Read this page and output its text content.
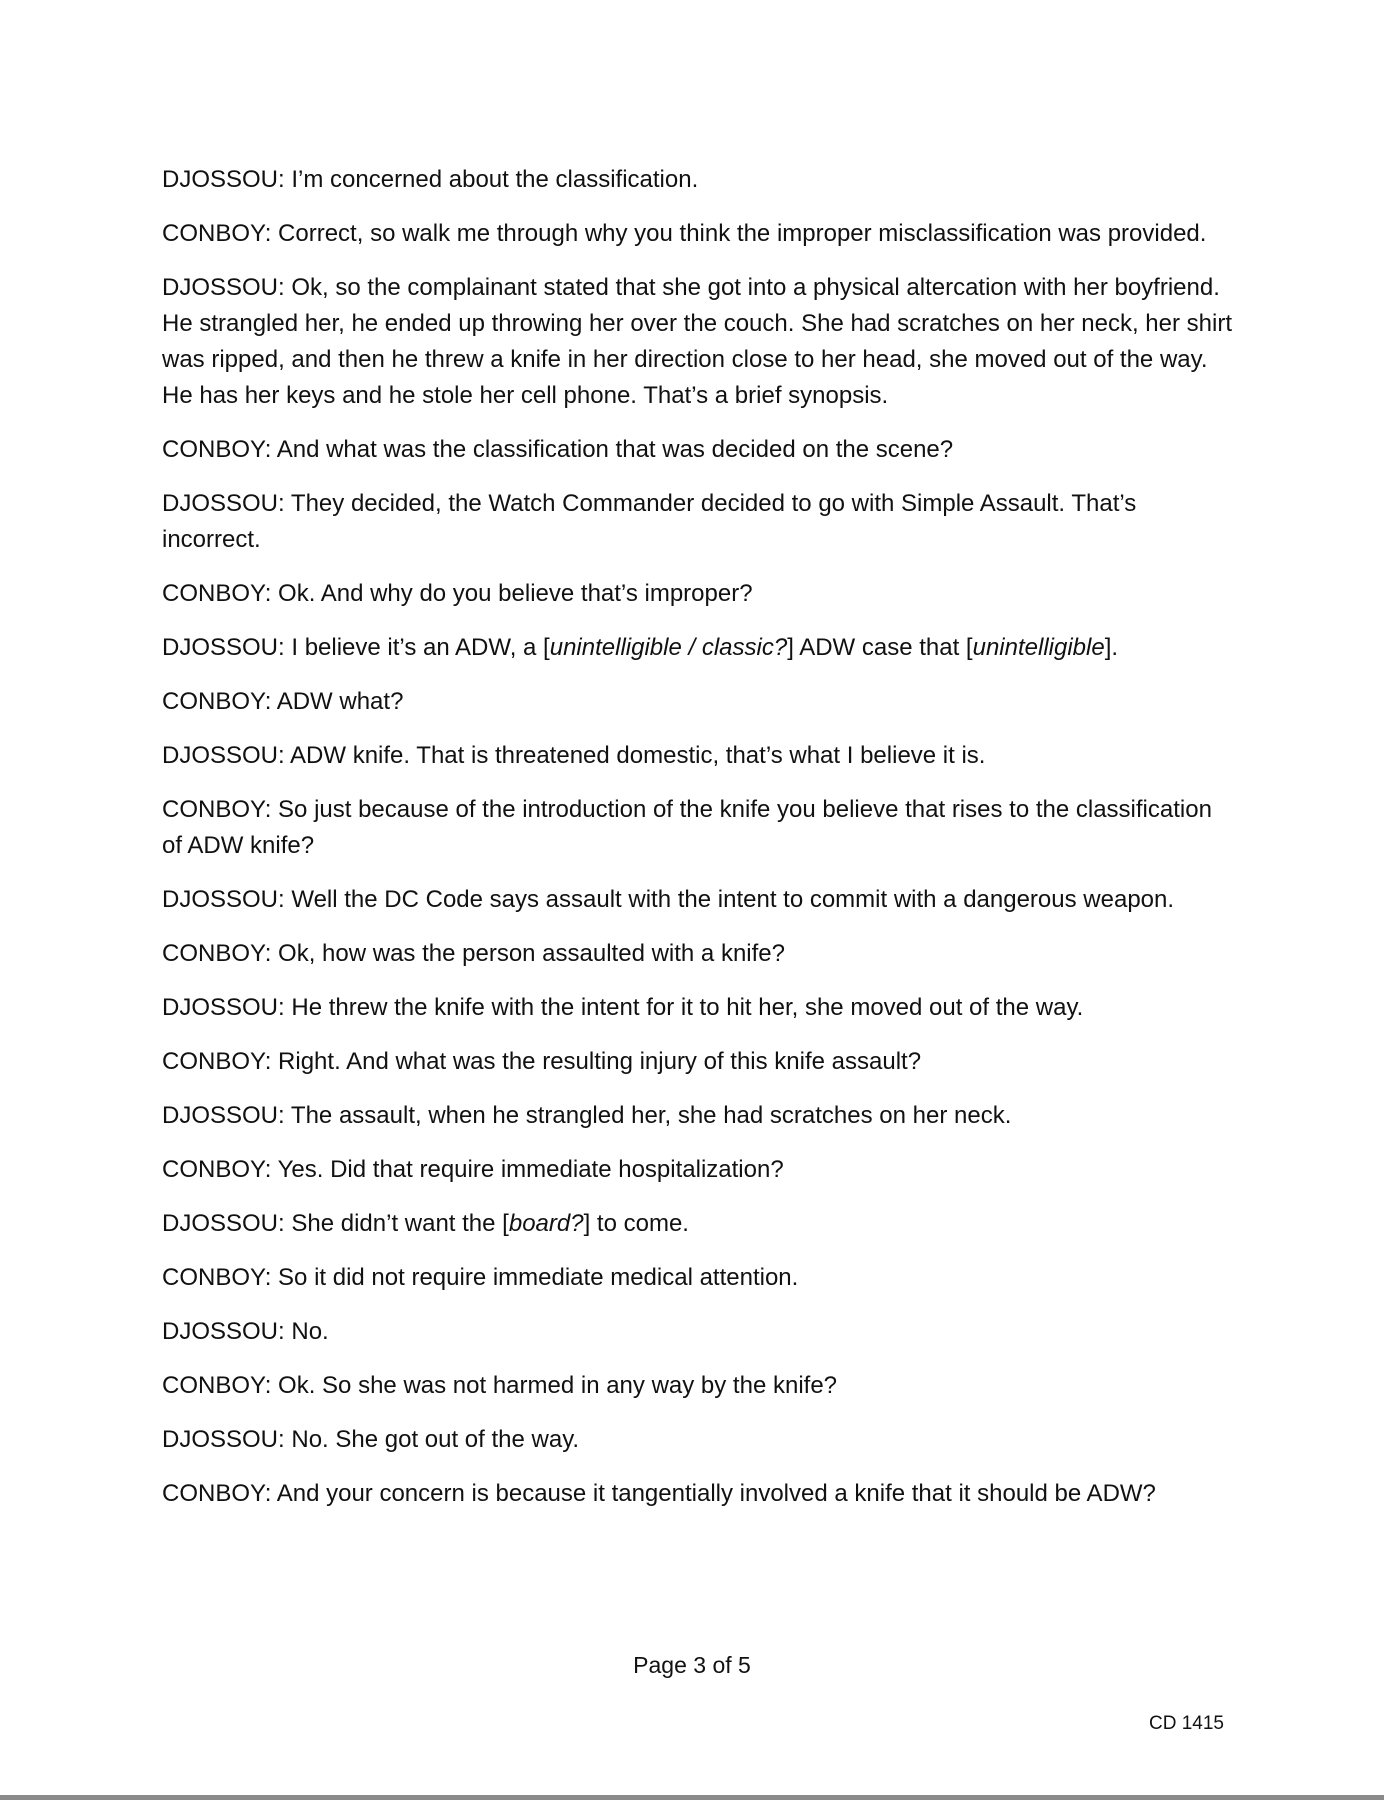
DJOSSOU : I’m concerned about the classification.

CONBOY : Correct, so walk me through why you think the improper misclassification was provided.

DJOSSOU : Ok, so the complainant stated that she got into a physical altercation with her boyfriend. He strangled her, he ended up throwing her over the couch. She had scratches on her neck, her shirt was ripped, and then he threw a knife in her direction close to her head, she moved out of the way. He has her keys and he stole her cell phone. That’s a brief synopsis.

CONBOY : And what was the classification that was decided on the scene?

DJOSSOU : They decided, the Watch Commander decided to go with Simple Assault. That’s incorrect.

CONBOY : Ok. And why do you believe that’s improper?

DJOSSOU : I believe it’s an ADW, a [unintelligible / classic?] ADW case that [unintelligible].

CONBOY : ADW what?

DJOSSOU : ADW knife. That is threatened domestic, that’s what I believe it is.

CONBOY : So just because of the introduction of the knife you believe that rises to the classification of ADW knife?

DJOSSOU : Well the DC Code says assault with the intent to commit with a dangerous weapon.

CONBOY : Ok, how was the person assaulted with a knife?

DJOSSOU : He threw the knife with the intent for it to hit her, she moved out of the way.

CONBOY : Right. And what was the resulting injury of this knife assault?

DJOSSOU : The assault, when he strangled her, she had scratches on her neck.

CONBOY : Yes. Did that require immediate hospitalization?

DJOSSOU : She didn’t want the [board?] to come.

CONBOY : So it did not require immediate medical attention.

DJOSSOU : No.

CONBOY : Ok. So she was not harmed in any way by the knife?

DJOSSOU : No. She got out of the way.

CONBOY : And your concern is because it tangentially involved a knife that it should be ADW?

Page 3 of 5
CD 1415
